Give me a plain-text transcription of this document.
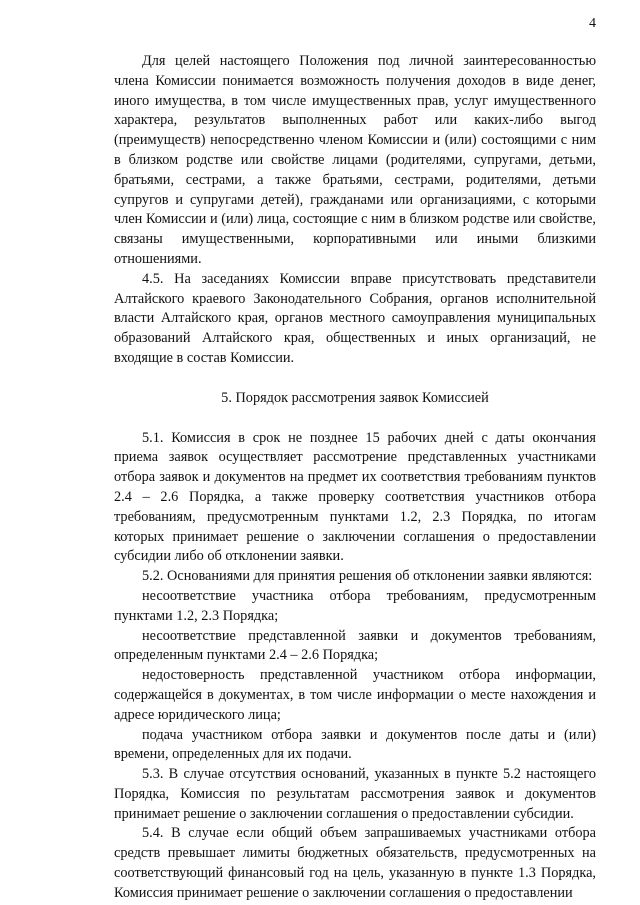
4

Для целей настоящего Положения под личной заинтересованностью члена Комиссии понимается возможность получения доходов в виде денег, иного имущества, в том числе имущественных прав, услуг имущественного характера, результатов выполненных работ или каких-либо выгод (преимуществ) непосредственно членом Комиссии и (или) состоящими с ним в близком родстве или свойстве лицами (родителями, супругами, детьми, братьями, сестрами, а также братьями, сестрами, родителями, детьми супругов и супругами детей), гражданами или организациями, с которыми член Комиссии и (или) лица, состоящие с ним в близком родстве или свойстве, связаны имущественными, корпоративными или иными близкими отношениями.

4.5. На заседаниях Комиссии вправе присутствовать представители Алтайского краевого Законодательного Собрания, органов исполнительной власти Алтайского края, органов местного самоуправления муниципальных образований Алтайского края, общественных и иных организаций, не входящие в состав Комиссии.

5. Порядок рассмотрения заявок Комиссией

5.1. Комиссия в срок не позднее 15 рабочих дней с даты окончания приема заявок осуществляет рассмотрение представленных участниками отбора заявок и документов на предмет их соответствия требованиям пунктов 2.4 – 2.6 Порядка, а также проверку соответствия участников отбора требованиям, предусмотренным пунктами 1.2, 2.3 Порядка, по итогам которых принимает решение о заключении соглашения о предоставлении субсидии либо об отклонении заявки.

5.2. Основаниями для принятия решения об отклонении заявки являются:

несоответствие участника отбора требованиям, предусмотренным пунктами 1.2, 2.3 Порядка;

несоответствие представленной заявки и документов требованиям, определенным пунктами 2.4 – 2.6 Порядка;

недостоверность представленной участником отбора информации, содержащейся в документах, в том числе информации о месте нахождения и адресе юридического лица;

подача участником отбора заявки и документов после даты и (или) времени, определенных для их подачи.

5.3. В случае отсутствия оснований, указанных в пункте 5.2 настоящего Порядка, Комиссия по результатам рассмотрения заявок и документов принимает решение о заключении соглашения о предоставлении субсидии.

5.4. В случае если общий объем запрашиваемых участниками отбора средств превышает лимиты бюджетных обязательств, предусмотренных на соответствующий финансовый год на цель, указанную в пункте 1.3 Порядка, Комиссия принимает решение о заключении соглашения о предоставлении
